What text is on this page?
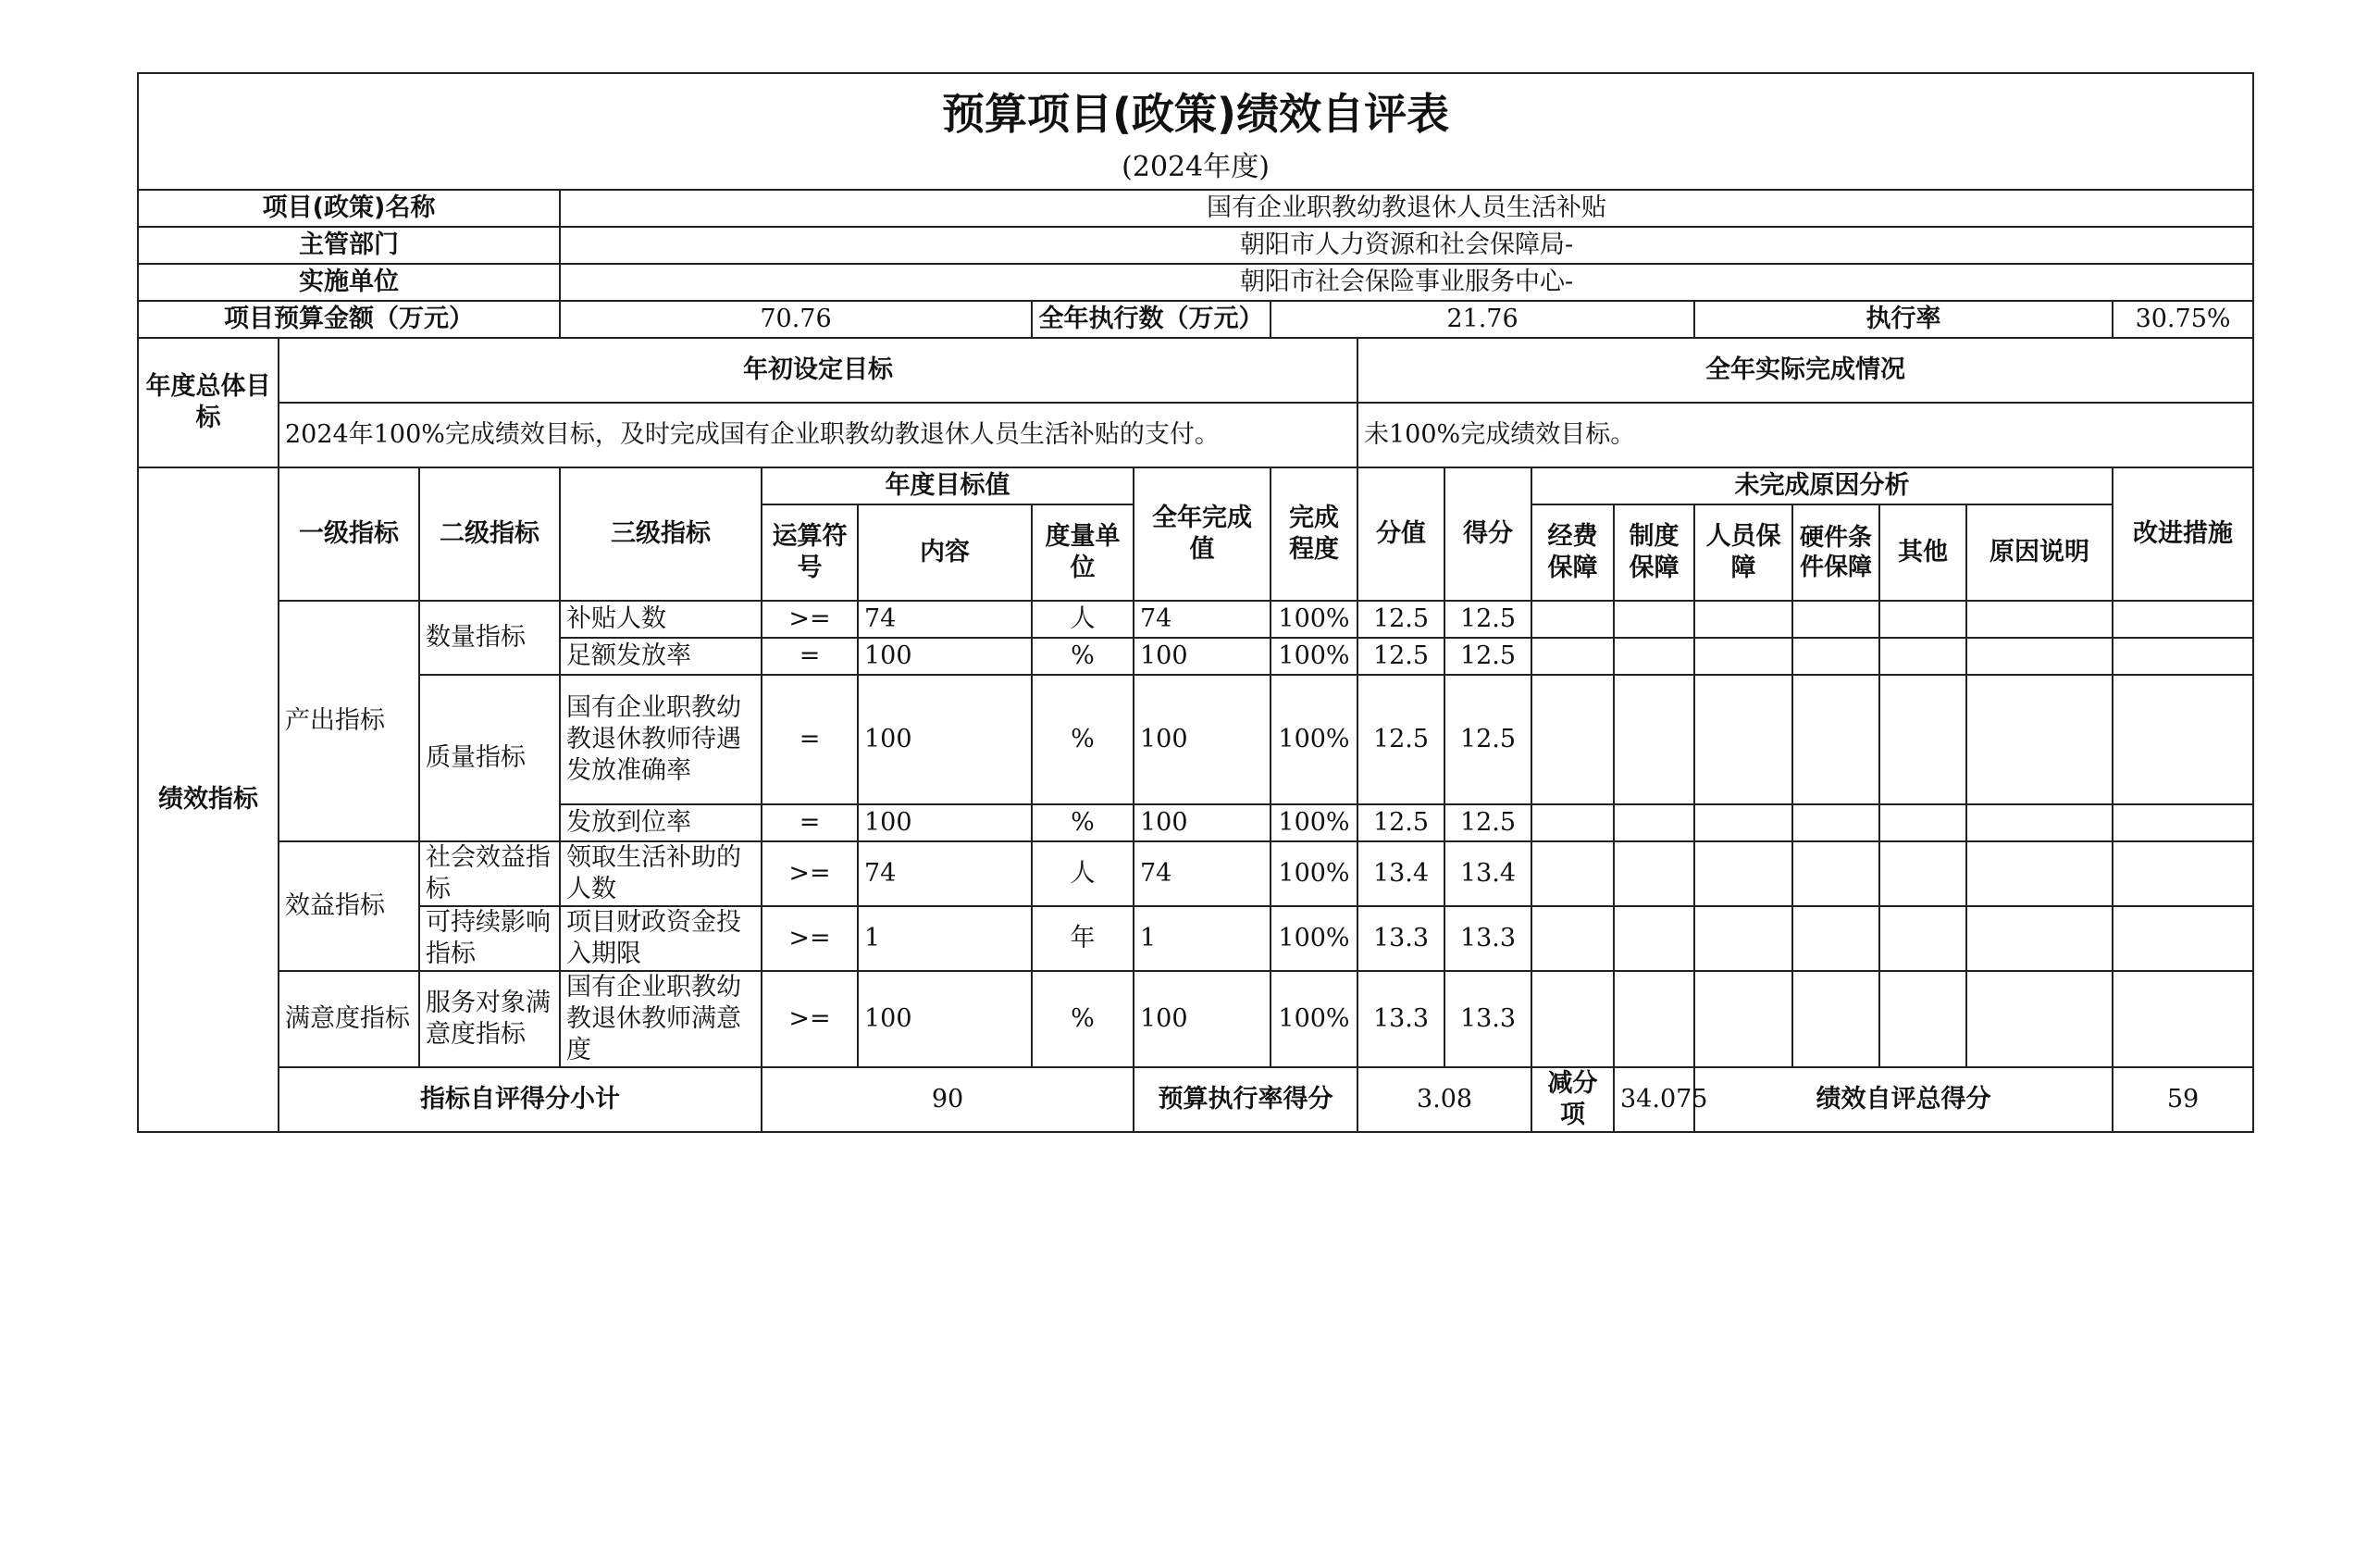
预算项目(政策)绩效自评表																	
(2024年度)																	
项目(政策)名称			国有企业职教幼教退休人员生活补贴														
主管部门			朝阳市人力资源和社会保障局-														
实施单位			朝阳市社会保险事业服务中心-														
项目预算金额（万元）			70.76			全年执行数（万元）		21.76					执行率				30.75%
年度总体目标	年初设定目标								全年实际完成情况								
	2024年100%完成绩效目标，及时完成国有企业职教幼教退休人员生活补贴的支付。								未100%完成绩效目标。								
绩效指标	一级指标	二级指标	三级指标	年度目标值			全年完成值	完成程度	分值	得分	未完成原因分析						改进措施
				运算符号	内容	度量单位					经费保障	制度保障	人员保障	硬件条件保障	其他	原因说明	
	产出指标	数量指标	补贴人数	>=	74	人	74	100%	12.5	12.5							
			足额发放率	=	100	%	100	100%	12.5	12.5							
		质量指标	国有企业职教幼教退休教师待遇发放准确率	=	100	%	100	100%	12.5	12.5							
			发放到位率	=	100	%	100	100%	12.5	12.5							
	效益指标	社会效益指标	领取生活补助的人数	>=	74	人	74	100%	13.4	13.4							
		可持续影响指标	项目财政资金投入期限	>=	1	年	1	100%	13.3	13.3							
	满意度指标	服务对象满意度指标	国有企业职教幼教退休教师满意度	>=	100	%	100	100%	13.3	13.3							
	指标自评得分小计			90			预算执行率得分		3.08		减分项	34.075	绩效自评总得分				59
